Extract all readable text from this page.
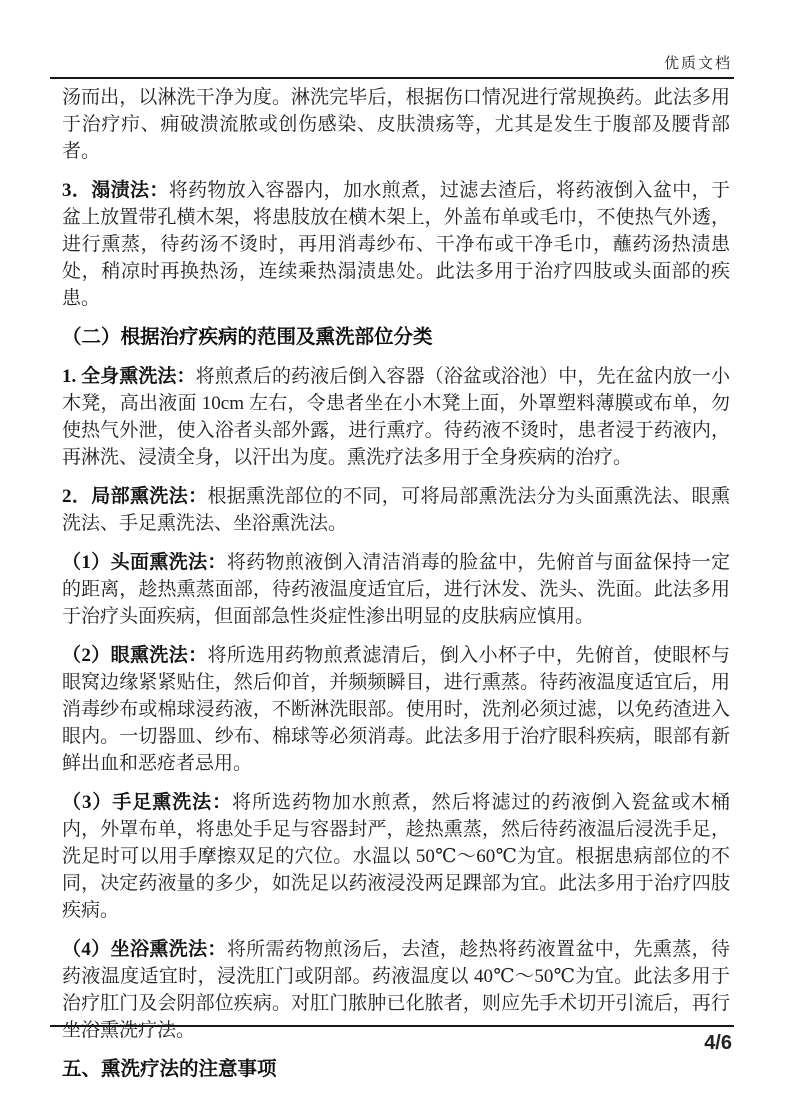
优质文档

汤而出，以淋洗干净为度。淋洗完毕后，根据伤口情况进行常规换药。此法多用于治疗疖、痈破溃流脓或创伤感染、皮肤溃疡等，尤其是发生于腹部及腰背部者。

3．溻渍法：将药物放入容器内，加水煎煮，过滤去渣后，将药液倒入盆中，于盆上放置带孔横木架，将患肢放在横木架上，外盖布单或毛巾，不使热气外透，进行熏蒸，待药汤不烫时，再用消毒纱布、干净布或干净毛巾，蘸药汤热渍患处，稍凉时再换热汤，连续乘热溻渍患处。此法多用于治疗四肢或头面部的疾患。

（二）根据治疗疾病的范围及熏洗部位分类

1. 全身熏洗法：将煎煮后的药液后倒入容器（浴盆或浴池）中，先在盆内放一小木凳，高出液面 10cm 左右，令患者坐在小木凳上面，外罩塑料薄膜或布单，勿使热气外泄，使入浴者头部外露，进行熏疗。待药液不烫时，患者浸于药液内，再淋洗、浸渍全身，以汗出为度。熏洗疗法多用于全身疾病的治疗。

2．局部熏洗法：根据熏洗部位的不同，可将局部熏洗法分为头面熏洗法、眼熏洗法、手足熏洗法、坐浴熏洗法。

（1）头面熏洗法：将药物煎液倒入清洁消毒的脸盆中，先俯首与面盆保持一定的距离，趁热熏蒸面部，待药液温度适宜后，进行沐发、洗头、洗面。此法多用于治疗头面疾病，但面部急性炎症性渗出明显的皮肤病应慎用。

（2）眼熏洗法：将所选用药物煎煮滤清后，倒入小杯子中，先俯首，使眼杯与眼窝边缘紧紧贴住，然后仰首，并频频瞬目，进行熏蒸。待药液温度适宜后，用消毒纱布或棉球浸药液，不断淋洗眼部。使用时，洗剂必须过滤，以免药渣进入眼内。一切器皿、纱布、棉球等必须消毒。此法多用于治疗眼科疾病，眼部有新鲜出血和恶疮者忌用。

（3）手足熏洗法：将所选药物加水煎煮，然后将滤过的药液倒入瓷盆或木桶内，外罩布单，将患处手足与容器封严，趁热熏蒸，然后待药液温后浸洗手足，洗足时可以用手摩擦双足的穴位。水温以 50℃～60℃为宜。根据患病部位的不同，决定药液量的多少，如洗足以药液浸没两足踝部为宜。此法多用于治疗四肢疾病。

（4）坐浴熏洗法：将所需药物煎汤后，去渣，趁热将药液置盆中，先熏蒸，待药液温度适宜时，浸洗肛门或阴部。药液温度以 40℃～50℃为宜。此法多用于治疗肛门及会阴部位疾病。对肛门脓肿已化脓者，则应先手术切开引流后，再行坐浴熏洗疗法。

五、熏洗疗法的注意事项
4/6
